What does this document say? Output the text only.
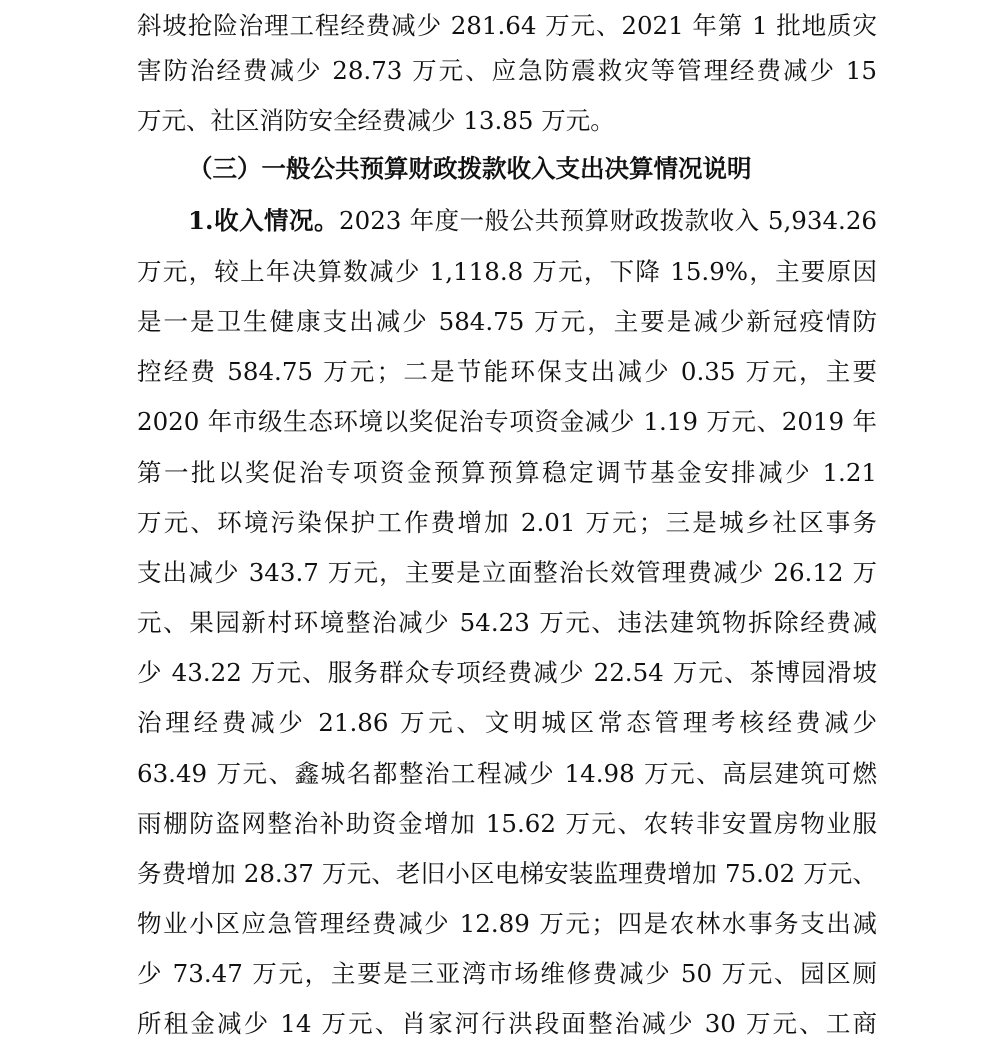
斜坡抢险治理工程经费减少 281.64 万元、2021 年第 1 批地质灾
害防治经费减少 28.73 万元、应急防震救灾等管理经费减少 15
万元、社区消防安全经费减少 13.85 万元。
（三）一般公共预算财政拨款收入支出决算情况说明
1.收入情况。2023 年度一般公共预算财政拨款收入 5,934.26
万元，较上年决算数减少 1,118.8 万元，下降 15.9%，主要原因
是一是卫生健康支出减少 584.75 万元，主要是减少新冠疫情防
控经费 584.75 万元；二是节能环保支出减少 0.35 万元，主要
2020 年市级生态环境以奖促治专项资金减少 1.19 万元、2019 年
第一批以奖促治专项资金预算预算稳定调节基金安排减少 1.21
万元、环境污染保护工作费增加 2.01 万元；三是城乡社区事务
支出减少 343.7 万元，主要是立面整治长效管理费减少 26.12 万
元、果园新村环境整治减少 54.23 万元、违法建筑物拆除经费减
少 43.22 万元、服务群众专项经费减少 22.54 万元、茶博园滑坡
治理经费减少 21.86 万元、文明城区常态管理考核经费减少
63.49 万元、鑫城名都整治工程减少 14.98 万元、高层建筑可燃
雨棚防盗网整治补助资金增加 15.62 万元、农转非安置房物业服
务费增加 28.37 万元、老旧小区电梯安装监理费增加 75.02 万元、
物业小区应急管理经费减少 12.89 万元；四是农林水事务支出减
少 73.47 万元，主要是三亚湾市场维修费减少 50 万元、园区厕
所租金减少 14 万元、肖家河行洪段面整治减少 30 万元、工商
